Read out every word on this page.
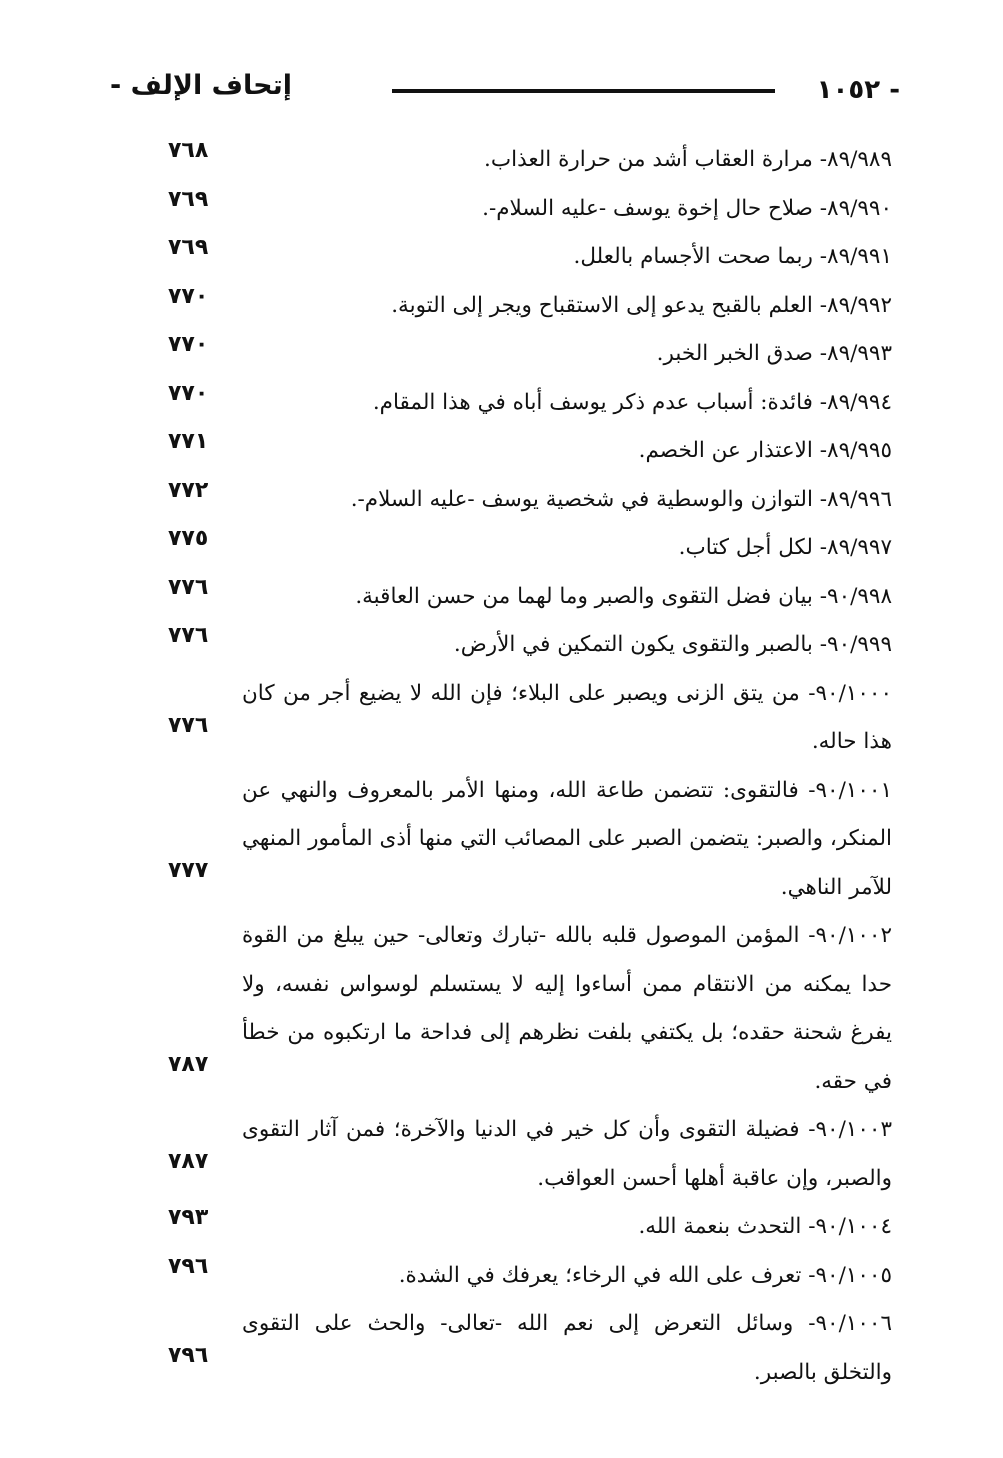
إتحاف الإلف -	- ١٠٥٢
٨٩/٩٨٩- مرارة العقاب أشد من حرارة العذاب.
٧٦٨
٨٩/٩٩٠- صلاح حال إخوة يوسف -عليه السلام-.
٧٦٩
٨٩/٩٩١- ربما صحت الأجسام بالعلل.
٧٦٩
٨٩/٩٩٢- العلم بالقبح يدعو إلى الاستقباح ويجر إلى التوبة.
٧٧٠
٨٩/٩٩٣- صدق الخبر الخبر.
٧٧٠
٨٩/٩٩٤- فائدة: أسباب عدم ذكر يوسف أباه في هذا المقام.
٧٧٠
٨٩/٩٩٥- الاعتذار عن الخصم.
٧٧١
٨٩/٩٩٦- التوازن والوسطية في شخصية يوسف -عليه السلام-.
٧٧٢
٨٩/٩٩٧- لكل أجل كتاب.
٧٧٥
٩٠/٩٩٨- بيان فضل التقوى والصبر وما لهما من حسن العاقبة.
٧٧٦
٩٠/٩٩٩- بالصبر والتقوى يكون التمكين في الأرض.
٧٧٦
٩٠/١٠٠٠- من يتق الزنى ويصبر على البلاء؛ فإن الله لا يضيع أجر من كان هذا حاله.
٧٧٦
٩٠/١٠٠١- فالتقوى: تتضمن طاعة الله، ومنها الأمر بالمعروف والنهي عن المنكر، والصبر: يتضمن الصبر على المصائب التي منها أذى المأمور المنهي للآمر الناهي.
٧٧٧
٩٠/١٠٠٢- المؤمن الموصول قلبه بالله -تبارك وتعالى- حين يبلغ من القوة حدا يمكنه من الانتقام ممن أساءوا إليه لا يستسلم لوسواس نفسه، ولا يفرغ شحنة حقده؛ بل يكتفي بلفت نظرهم إلى فداحة ما ارتكبوه من خطأ في حقه.
٧٨٧
٩٠/١٠٠٣- فضيلة التقوى وأن كل خير في الدنيا والآخرة؛ فمن آثار التقوى والصبر، وإن عاقبة أهلها أحسن العواقب.
٧٨٧
٩٠/١٠٠٤- التحدث بنعمة الله.
٧٩٣
٩٠/١٠٠٥- تعرف على الله في الرخاء؛ يعرفك في الشدة.
٧٩٦
٩٠/١٠٠٦- وسائل التعرض إلى نعم الله -تعالى- والحث على التقوى والتخلق بالصبر.
٧٩٦
